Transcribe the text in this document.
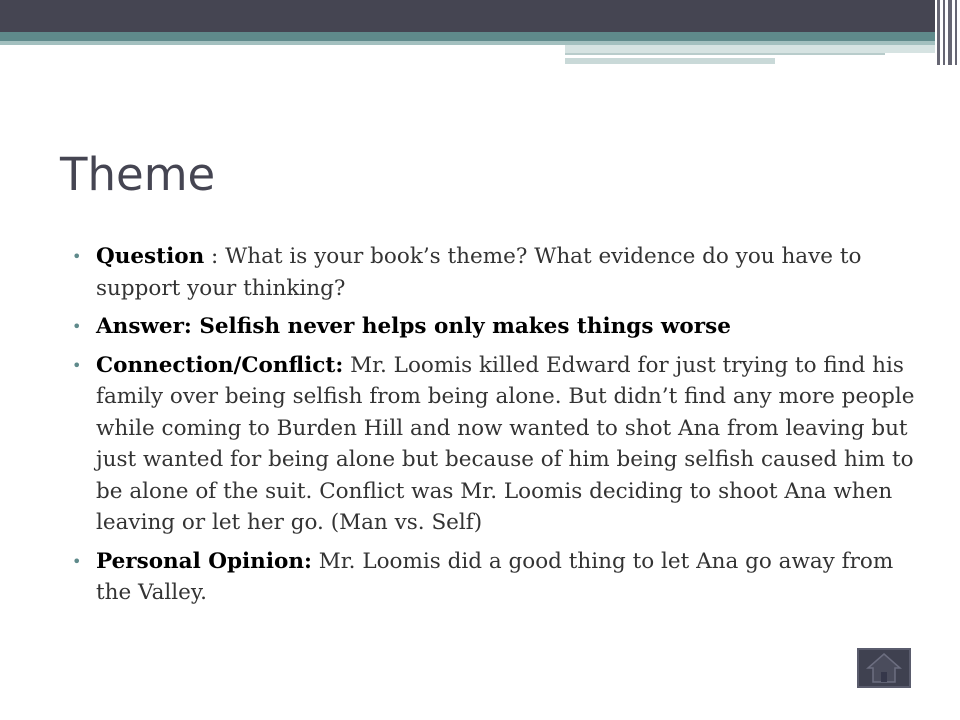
Theme
• Question : What is your book’s theme? What evidence do you have to support your thinking?
• Answer: Selfish never helps only makes things worse
• Connection/Conflict: Mr. Loomis killed Edward for just trying to find his family over being selfish from being alone. But didn’t find any more people while coming to Burden Hill and now wanted to shot Ana from leaving but just wanted for being alone but because of him being selfish caused him to be alone of the suit. Conflict was Mr. Loomis deciding to shoot Ana when leaving or let her go. (Man vs. Self)
• Personal Opinion: Mr. Loomis did a good thing to let Ana go away from the Valley.
